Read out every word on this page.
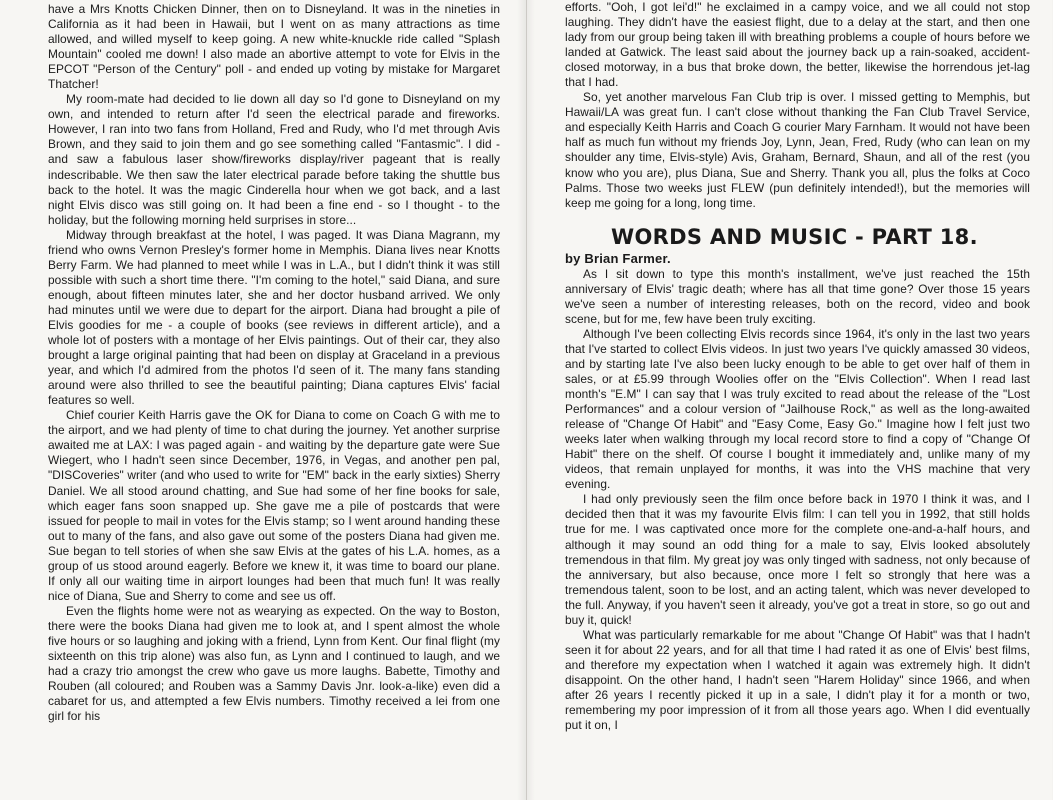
have a Mrs Knotts Chicken Dinner, then on to Disneyland. It was in the nineties in California as it had been in Hawaii, but I went on as many attractions as time allowed, and willed myself to keep going. A new white-knuckle ride called "Splash Mountain" cooled me down! I also made an abortive attempt to vote for Elvis in the EPCOT "Person of the Century" poll - and ended up voting by mistake for Margaret Thatcher!

My room-mate had decided to lie down all day so I'd gone to Disneyland on my own, and intended to return after I'd seen the electrical parade and fireworks. However, I ran into two fans from Holland, Fred and Rudy, who I'd met through Avis Brown, and they said to join them and go see something called "Fantasmic". I did - and saw a fabulous laser show/fireworks display/river pageant that is really indescribable. We then saw the later electrical parade before taking the shuttle bus back to the hotel. It was the magic Cinderella hour when we got back, and a last night Elvis disco was still going on. It had been a fine end - so I thought - to the holiday, but the following morning held surprises in store...

Midway through breakfast at the hotel, I was paged. It was Diana Magrann, my friend who owns Vernon Presley's former home in Memphis. Diana lives near Knotts Berry Farm. We had planned to meet while I was in L.A., but I didn't think it was still possible with such a short time there. "I'm coming to the hotel," said Diana, and sure enough, about fifteen minutes later, she and her doctor husband arrived. We only had minutes until we were due to depart for the airport. Diana had brought a pile of Elvis goodies for me - a couple of books (see reviews in different article), and a whole lot of posters with a montage of her Elvis paintings. Out of their car, they also brought a large original painting that had been on display at Graceland in a previous year, and which I'd admired from the photos I'd seen of it. The many fans standing around were also thrilled to see the beautiful painting; Diana captures Elvis' facial features so well.

Chief courier Keith Harris gave the OK for Diana to come on Coach G with me to the airport, and we had plenty of time to chat during the journey. Yet another surprise awaited me at LAX: I was paged again - and waiting by the departure gate were Sue Wiegert, who I hadn't seen since December, 1976, in Vegas, and another pen pal, "DISCoveries" writer (and who used to write for "EM" back in the early sixties) Sherry Daniel. We all stood around chatting, and Sue had some of her fine books for sale, which eager fans soon snapped up. She gave me a pile of postcards that were issued for people to mail in votes for the Elvis stamp; so I went around handing these out to many of the fans, and also gave out some of the posters Diana had given me. Sue began to tell stories of when she saw Elvis at the gates of his L.A. homes, as a group of us stood around eagerly. Before we knew it, it was time to board our plane. If only all our waiting time in airport lounges had been that much fun! It was really nice of Diana, Sue and Sherry to come and see us off.

Even the flights home were not as wearying as expected. On the way to Boston, there were the books Diana had given me to look at, and I spent almost the whole five hours or so laughing and joking with a friend, Lynn from Kent. Our final flight (my sixteenth on this trip alone) was also fun, as Lynn and I continued to laugh, and we had a crazy trio amongst the crew who gave us more laughs. Babette, Timothy and Rouben (all coloured; and Rouben was a Sammy Davis Jnr. look-a-like) even did a cabaret for us, and attempted a few Elvis numbers. Timothy received a lei from one girl for his

efforts. "Ooh, I got lei'd!" he exclaimed in a campy voice, and we all could not stop laughing. They didn't have the easiest flight, due to a delay at the start, and then one lady from our group being taken ill with breathing problems a couple of hours before we landed at Gatwick. The least said about the journey back up a rain-soaked, accident-closed motorway, in a bus that broke down, the better, likewise the horrendous jet-lag that I had.

So, yet another marvelous Fan Club trip is over. I missed getting to Memphis, but Hawaii/LA was great fun. I can't close without thanking the Fan Club Travel Service, and especially Keith Harris and Coach G courier Mary Farnham. It would not have been half as much fun without my friends Joy, Lynn, Jean, Fred, Rudy (who can lean on my shoulder any time, Elvis-style) Avis, Graham, Bernard, Shaun, and all of the rest (you know who you are), plus Diana, Sue and Sherry. Thank you all, plus the folks at Coco Palms. Those two weeks just FLEW (pun definitely intended!), but the memories will keep me going for a long, long time.

WORDS AND MUSIC - PART 18.
by Brian Farmer.

As I sit down to type this month's installment, we've just reached the 15th anniversary of Elvis' tragic death; where has all that time gone? Over those 15 years we've seen a number of interesting releases, both on the record, video and book scene, but for me, few have been truly exciting.

Although I've been collecting Elvis records since 1964, it's only in the last two years that I've started to collect Elvis videos. In just two years I've quickly amassed 30 videos, and by starting late I've also been lucky enough to be able to get over half of them in sales, or at £5.99 through Woolies offer on the "Elvis Collection". When I read last month's "E.M" I can say that I was truly excited to read about the release of the "Lost Performances" and a colour version of "Jailhouse Rock," as well as the long-awaited release of "Change Of Habit" and "Easy Come, Easy Go." Imagine how I felt just two weeks later when walking through my local record store to find a copy of "Change Of Habit" there on the shelf. Of course I bought it immediately and, unlike many of my videos, that remain unplayed for months, it was into the VHS machine that very evening.

I had only previously seen the film once before back in 1970 I think it was, and I decided then that it was my favourite Elvis film: I can tell you in 1992, that still holds true for me. I was captivated once more for the complete one-and-a-half hours, and although it may sound an odd thing for a male to say, Elvis looked absolutely tremendous in that film. My great joy was only tinged with sadness, not only because of the anniversary, but also because, once more I felt so strongly that here was a tremendous talent, soon to be lost, and an acting talent, which was never developed to the full. Anyway, if you haven't seen it already, you've got a treat in store, so go out and buy it, quick!

What was particularly remarkable for me about "Change Of Habit" was that I hadn't seen it for about 22 years, and for all that time I had rated it as one of Elvis' best films, and therefore my expectation when I watched it again was extremely high. It didn't disappoint. On the other hand, I hadn't seen "Harem Holiday" since 1966, and when after 26 years I recently picked it up in a sale, I didn't play it for a month or two, remembering my poor impression of it from all those years ago. When I did eventually put it on, I
